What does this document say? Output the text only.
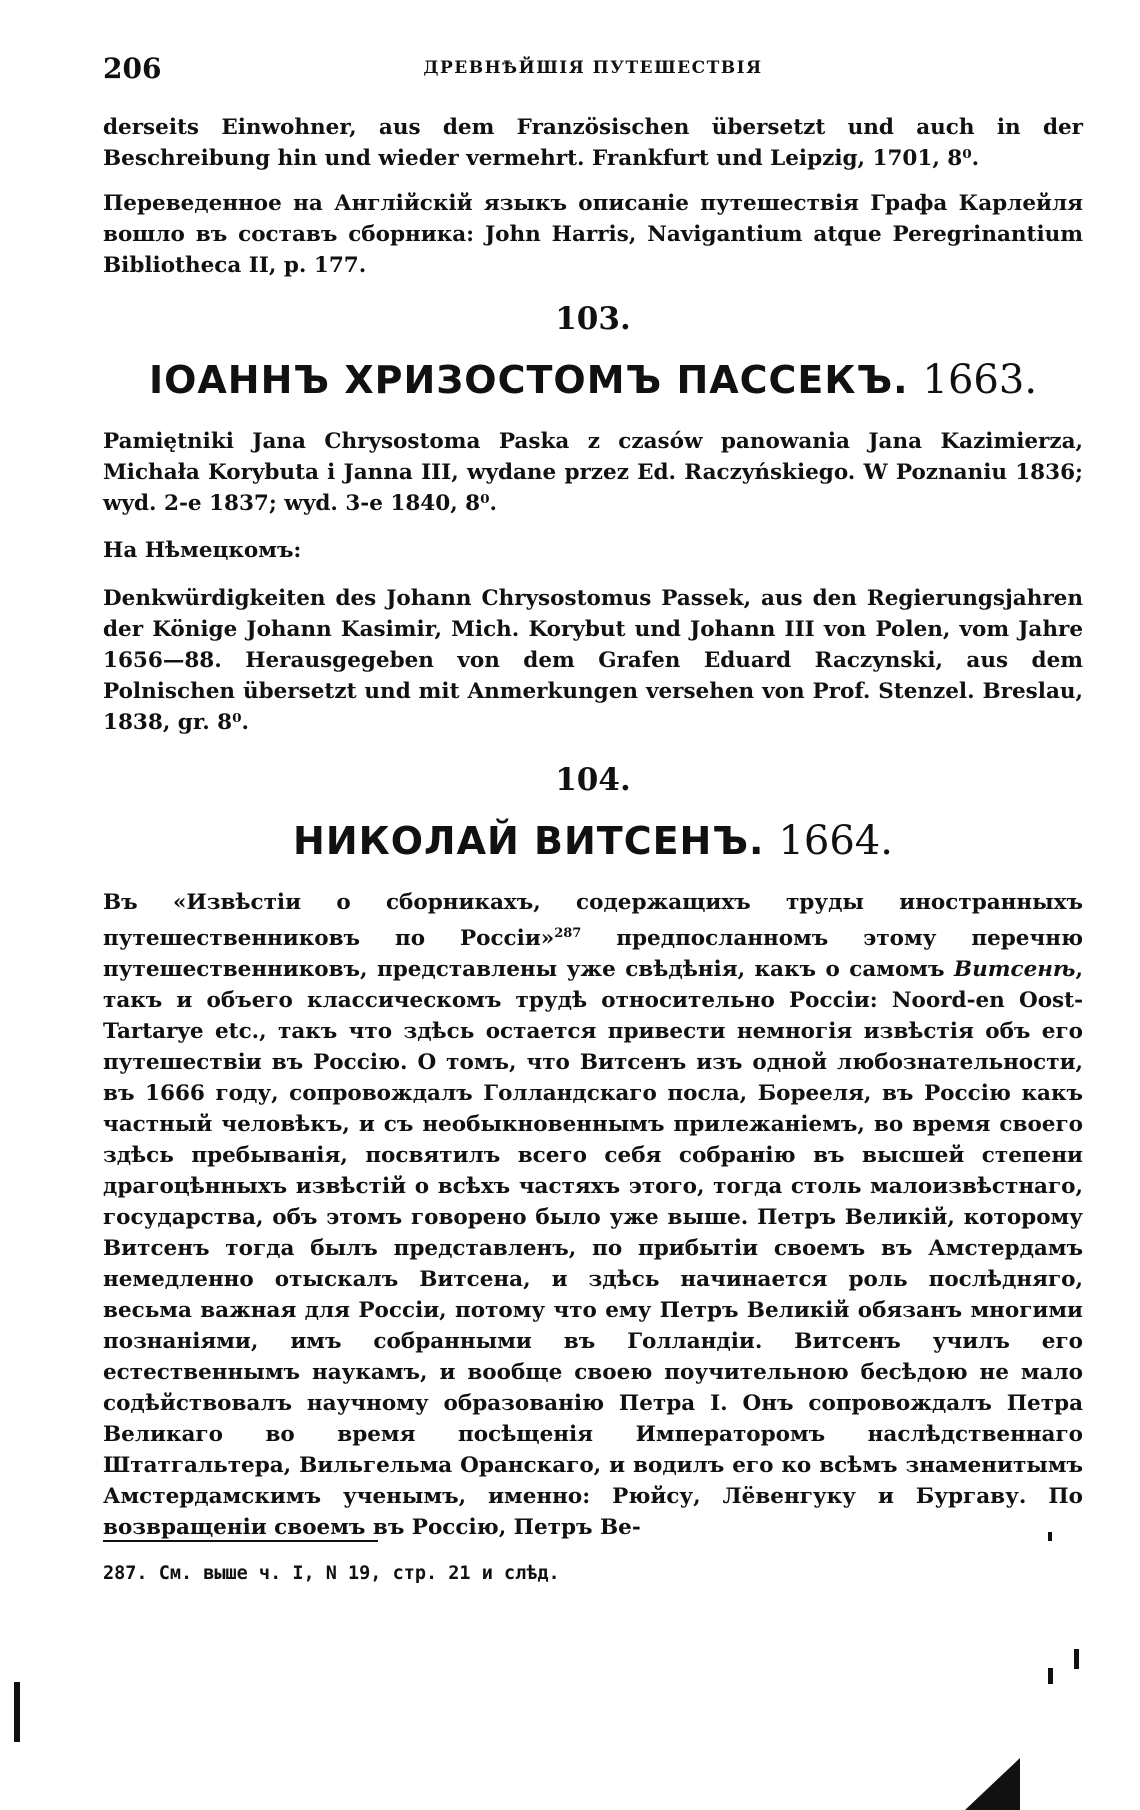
206	ДРЕВНѢЙШІЯ ПУТЕШЕСТВІЯ

derseits Einwohner, aus dem Französischen übersetzt und auch in der Beschreibung hin und wieder vermehrt. Frankfurt und Leipzig, 1701, 8⁰.

Переведенное на Англійскій языкъ описаніе путешествія Графа Карлейля вошло въ составъ сборника: John Harris, Navigantium atque Peregrinantium Bibliotheca II, p. 177.

103.
ІОАННЪ ХРИЗОСТОМЪ ПАССЕКЪ. 1663.

Pamiętniki Jana Chrysostoma Paska z czasów panowania Jana Kazimierza, Michała Korybuta i Janna III, wydane przez Ed. Raczyńskiego. W Poznaniu 1836; wyd. 2-e 1837; wyd. 3-e 1840, 8⁰.

На Нѣмецкомъ:

Denkwürdigkeiten des Johann Chrysostomus Passek, aus den Regierungsjahren der Könige Johann Kasimir, Mich. Korybut und Johann III von Polen, vom Jahre 1656—88. Herausgegeben von dem Grafen Eduard Raczynski, aus dem Polnischen übersetzt und mit Anmerkungen versehen von Prof. Stenzel. Breslau, 1838, gr. 8⁰.

104.
НИКОЛАЙ ВИТСЕНЪ. 1664.

Въ «Извѣстіи о сборникахъ, содержащихъ труды иностранныхъ путешественниковъ по Россіи»$^{287}$ предпосланномъ этому перечню путешественниковъ, представлены уже свѣдѣнія, какъ о самомъ Витсенѣ, такъ и объего классическомъ трудѣ относительно Россіи: Noord-en Oost-Tartarye etc., такъ что здѣсь остается привести немногія извѣстія объ его путешествіи въ Россію. О томъ, что Витсенъ изъ одной любознательности, въ 1666 году, сопровождалъ Голландскаго посла, Борееля, въ Россію какъ частный человѣкъ, и съ необыкновеннымъ прилежаніемъ, во время своего здѣсь пребыванія, посвятилъ всего себя собранію въ высшей степени драгоцѣнныхъ извѣстій о всѣхъ частяхъ этого, тогда столь малоизвѣстнаго, государства, объ этомъ говорено было уже выше. Петръ Великій, которому Витсенъ тогда былъ представленъ, по прибытіи своемъ въ Амстердамъ немедленно отыскалъ Витсена, и здѣсь начинается роль послѣдняго, весьма важная для Россіи, потому что ему Петръ Великій обязанъ многими познаніями, имъ собранными въ Голландіи. Витсенъ училъ его естественнымъ наукамъ, и вообще своею поучительною бесѣдою не мало содѣйствовалъ научному образованію Петра I. Онъ сопровождалъ Петра Великаго во время посѣщенія Императоромъ наслѣдственнаго Штатгальтера, Вильгельма Оранскаго, и водилъ его ко всѣмъ знаменитымъ Амстердамскимъ ученымъ, именно: Рюйсу, Лёвенгуку и Бургаву. По возвращеніи своемъ въ Россію, Петръ Ве-

287. См. выше ч. I, N 19, стр. 21 и слѣд.
